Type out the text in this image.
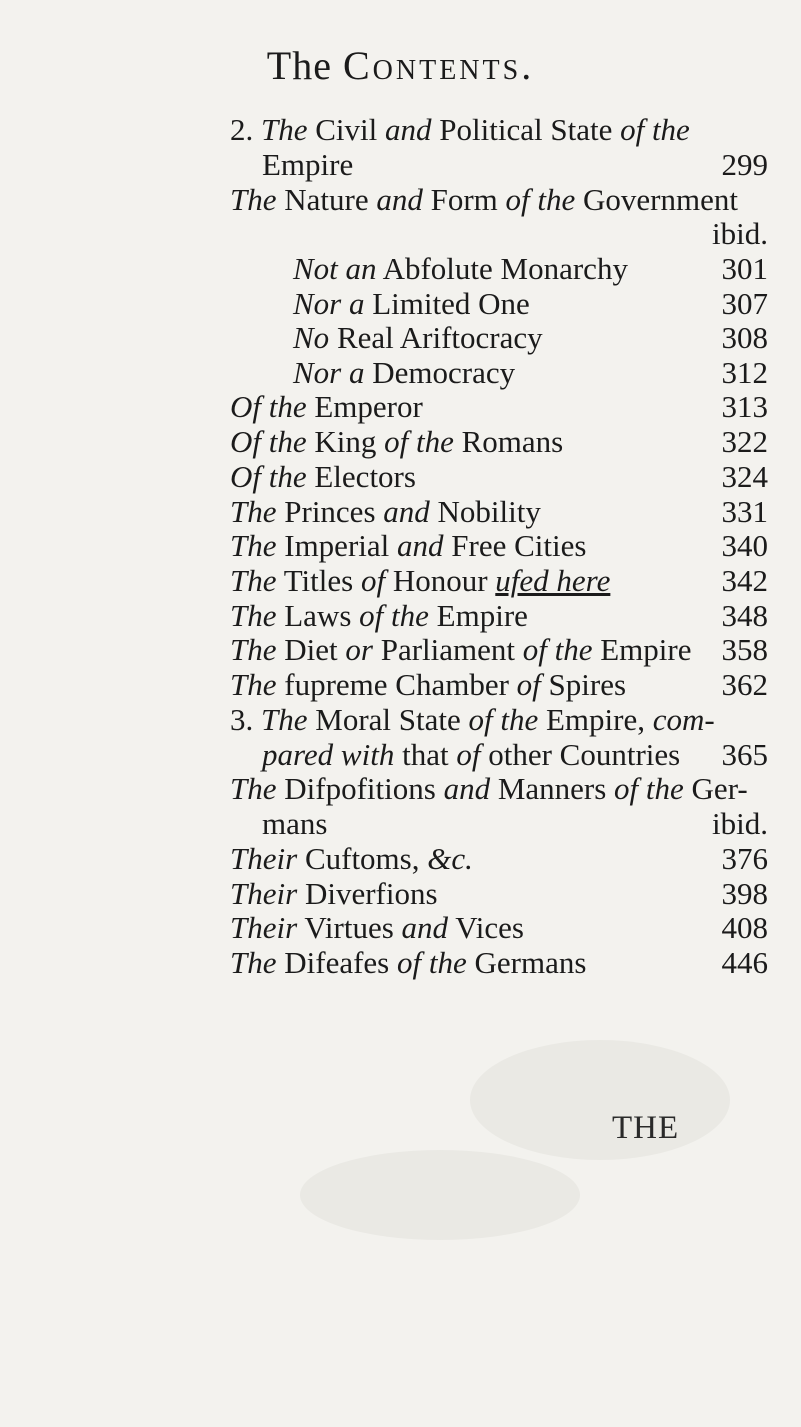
The Contents.
2. The Civil and Political State of the
Empire	299
The Nature and Form of the Government
ibid.
Not an Abfolute Monarchy	301
Nor a Limited One	307
No Real Ariftocracy	308
Nor a Democracy	312
Of the Emperor	313
Of the King of the Romans	322
Of the Electors	324
The Princes and Nobility	331
The Imperial and Free Cities	340
The Titles of Honour ufed here	342
The Laws of the Empire	348
The Diet or Parliament of the Empire 358
The fupreme Chamber of Spires	362
3. The Moral State of the Empire, com-
pared with that of other Countries	365
The Difpofitions and Manners of the Ger-
mans	ibid.
Their Cuftoms, &c.	376
Their Diverfions	398
Their Virtues and Vices	408
The Difeafes of the Germans	446
THE
